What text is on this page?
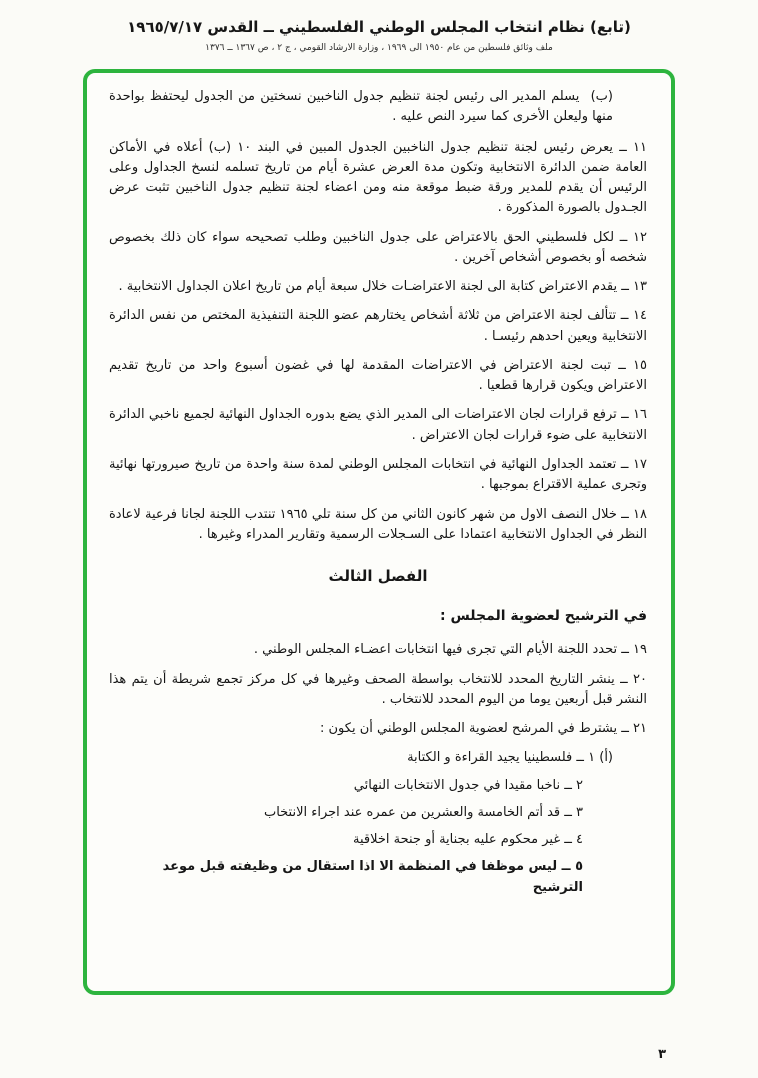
(تابع) نظام انتخاب المجلس الوطني الفلسطيني ــ القدس ١٩٦٥/٧/١٧
ملف وثائق فلسطين من عام ١٩٥٠ الى ١٩٦٩ ، وزارة الارشاد القومي ، ج ٢ ، ص ١٣٦٧ ــ ١٣٧٦

(ب) يسلم المدير الى رئيس لجنة تنظيم جدول الناخبين نسختين من الجدول ليحتفظ بواحدة منها وليعلن الأخرى كما سيرد النص عليه .

١١ ــ يعرض رئيس لجنة تنظيم جدول الناخبين الجدول المبين في البند ١٠ (ب) أعلاه في الأماكن العامة ضمن الدائرة الانتخابية وتكون مدة العرض عشرة أيام من تاريخ تسلمه لنسخ الجداول وعلى الرئيس أن يقدم للمدير ورقة ضبط موقعة منه ومن اعضاء لجنة تنظيم جدول الناخبين تثبت عرض الجـدول بالصورة المذكورة .

١٢ ــ لكل فلسطيني الحق بالاعتراض على جدول الناخبين وطلب تصحيحه سواء كان ذلك بخصوص شخصه أو بخصوص أشخاص آخرين .

١٣ ــ يقدم الاعتراض كتابة الى لجنة الاعتراضـات خلال سبعة أيام من تاريخ اعلان الجداول الانتخابية .

١٤ ــ تتألف لجنة الاعتراض من ثلاثة أشخاص يختارهم عضو اللجنة التنفيذية المختص من نفس الدائرة الانتخابية ويعين احدهم رئيسـا .

١٥ ــ تبت لجنة الاعتراض في الاعتراضات المقدمة لها في غضون أسبوع واحد من تاريخ تقديم الاعتراض ويكون قرارها قطعيا .

١٦ ــ ترفع قرارات لجان الاعتراضات الى المدير الذي يضع بدوره الجداول النهائية لجميع ناخبي الدائرة الانتخابية على ضوء قرارات لجان الاعتراض .

١٧ ــ تعتمد الجداول النهائية في انتخابات المجلس الوطني لمدة سنة واحدة من تاريخ صيرورتها نهائية وتجرى عملية الاقتراع بموجبها .

١٨ ــ خلال النصف الاول من شهر كانون الثاني من كل سنة تلي ١٩٦٥ تنتدب اللجنة لجانا فرعية لاعادة النظر في الجداول الانتخابية اعتمادا على السـجلات الرسمية وتقارير المدراء وغيرها .

الفصل الثالث
في الترشيح لعضوية المجلس :

١٩ ــ تحدد اللجنة الأيام التي تجرى فيها انتخابات اعضـاء المجلس الوطني .

٢٠ ــ ينشر التاريخ المحدد للانتخاب بواسطة الصحف وغيرها في كل مركز تجمع شريطة أن يتم هذا النشر قبل أربعين يوما من اليوم المحدد للانتخاب .

٢١ ــ يشترط في المرشح لعضوية المجلس الوطني أن يكون :

(أ) ١ ــ فلسطينيا يجيد القراءة و الكتابة

٢ ــ ناخبا مقيدا في جدول الانتخابات النهائي

٣ ــ قد أتم الخامسة والعشرين من عمره عند اجراء الانتخاب

٤ ــ غير محكوم عليه بجناية أو جنحة اخلاقية

٥ ــ ليس موظفا في المنظمة الا اذا استقال من وظيفته قبل موعد الترشيح

٣
